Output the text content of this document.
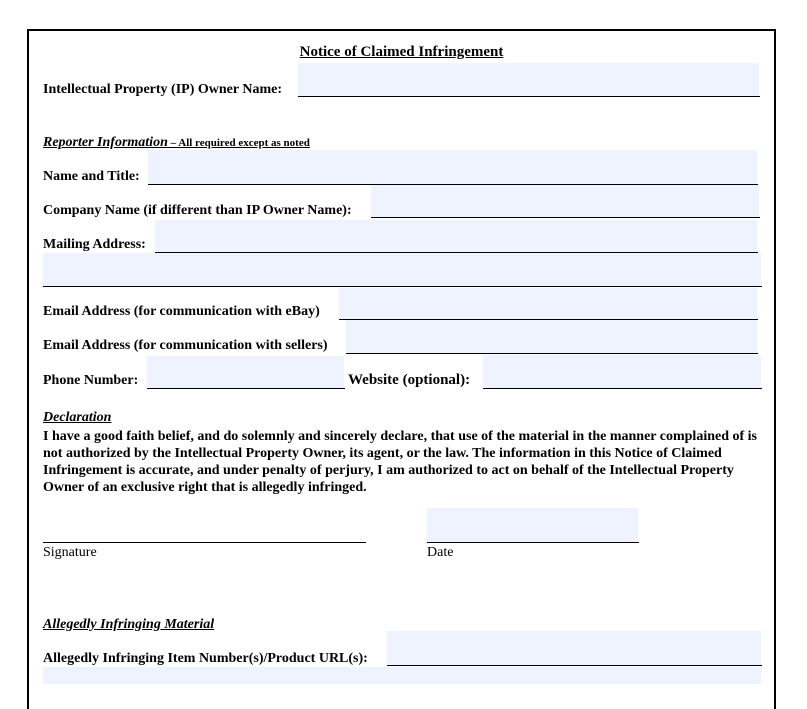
Notice of Claimed Infringement
Intellectual Property (IP) Owner Name:
Reporter Information – All required except as noted
Name and Title:
Company Name (if different than IP Owner Name):
Mailing Address:
Email Address (for communication with eBay)
Email Address (for communication with sellers)
Phone Number:	Website (optional):
Declaration
I have a good faith belief, and do solemnly and sincerely declare, that use of the material in the manner complained of is not authorized by the Intellectual Property Owner, its agent, or the law. The information in this Notice of Claimed Infringement is accurate, and under penalty of perjury, I am authorized to act on behalf of the Intellectual Property Owner of an exclusive right that is allegedly infringed.
Signature	Date
Allegedly Infringing Material
Allegedly Infringing Item Number(s)/Product URL(s):
